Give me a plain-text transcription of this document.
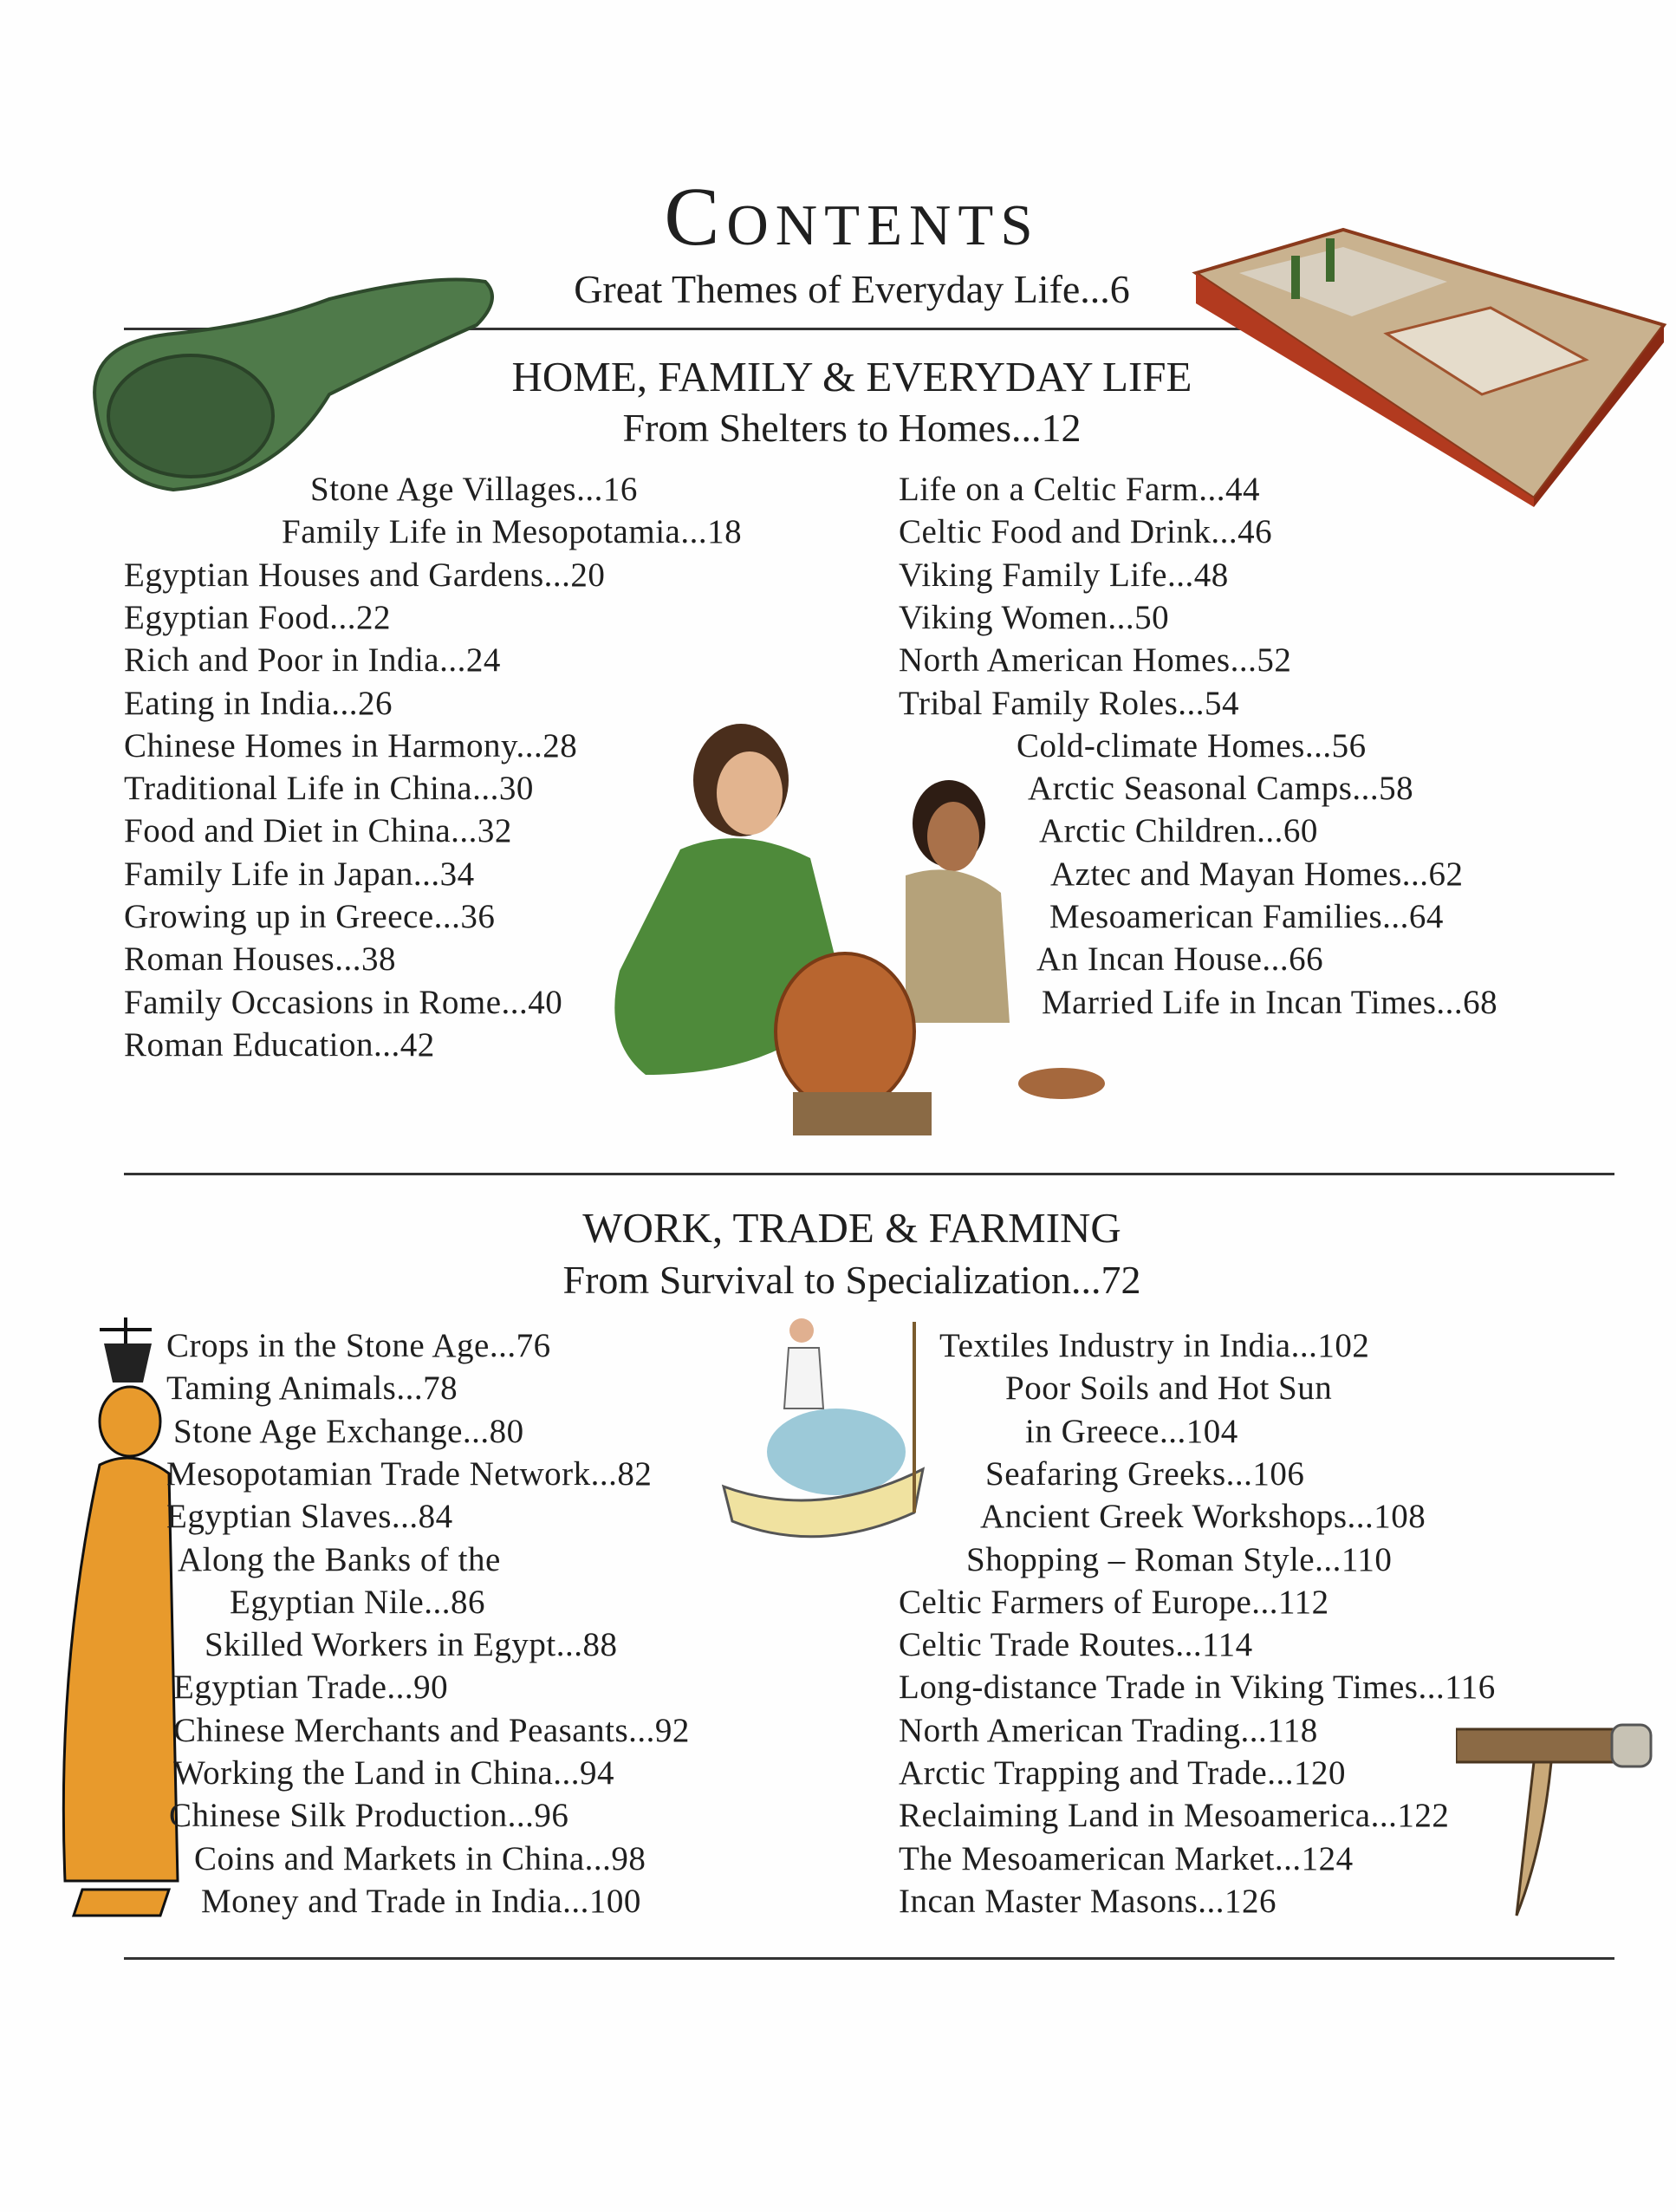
Contents
Great Themes of Everyday Life...6
HOME, FAMILY & EVERYDAY LIFE
From Shelters to Homes...12
WORK, TRADE & FARMING
From Survival to Specialization...72
Stone Age Villages...16
Family Life in Mesopotamia...18
Egyptian Houses and Gardens...20
Egyptian Food...22
Rich and Poor in India...24
Eating in India...26
Chinese Homes in Harmony...28
Traditional Life in China...30
Food and Diet in China...32
Family Life in Japan...34
Growing up in Greece...36
Roman Houses...38
Family Occasions in Rome...40
Roman Education...42
Life on a Celtic Farm...44
Celtic Food and Drink...46
Viking Family Life...48
Viking Women...50
North American Homes...52
Tribal Family Roles...54
Cold-climate Homes...56
Arctic Seasonal Camps...58
Arctic Children...60
Aztec and Mayan Homes...62
Mesoamerican Families...64
An Incan House...66
Married Life in Incan Times...68
Crops in the Stone Age...76
Taming Animals...78
Stone Age Exchange...80
Mesopotamian Trade Network...82
Egyptian Slaves...84
Along the Banks of the
Egyptian Nile...86
Skilled Workers in Egypt...88
Egyptian Trade...90
Chinese Merchants and Peasants...92
Working the Land in China...94
Chinese Silk Production...96
Coins and Markets in China...98
Money and Trade in India...100
Textiles Industry in India...102
Poor Soils and Hot Sun
in Greece...104
Seafaring Greeks...106
Ancient Greek Workshops...108
Shopping – Roman Style...110
Celtic Farmers of Europe...112
Celtic Trade Routes...114
Long-distance Trade in Viking Times...116
North American Trading...118
Arctic Trapping and Trade...120
Reclaiming Land in Mesoamerica...122
The Mesoamerican Market...124
Incan Master Masons...126
